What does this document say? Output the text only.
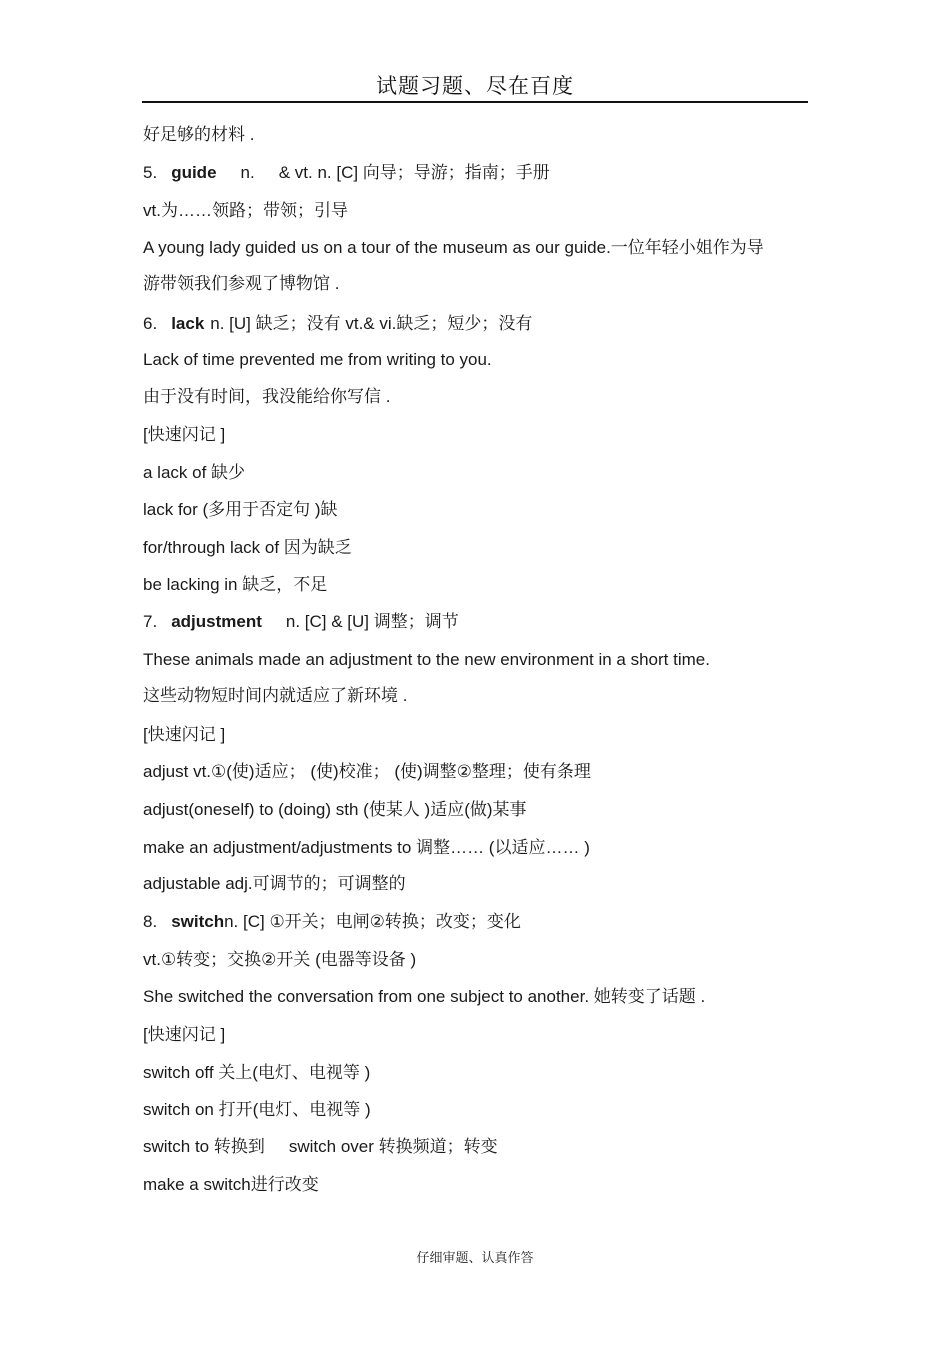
试题习题、尽在百度
好足够的材料 .
5. guide n. & vt. n. [C] 向导；导游；指南；手册
vt.为……领路；带领；引导
A young lady guided us on a tour of the museum as our guide.一位年轻小姐作为导
游带领我们参观了博物馆 .
6. lack n. [U] 缺乏；没有 vt.& vi.缺乏；短少；没有
Lack of time prevented me from writing to you.
由于没有时间，我没能给你写信 .
[快速闪记 ]
a lack of 缺少
lack for (多用于否定句 )缺
for/through lack of 因为缺乏
be lacking in 缺乏，不足
7. adjustment n. [C] & [U] 调整；调节
These animals made an adjustment to the new environment in a short time.
这些动物短时间内就适应了新环境 .
[快速闪记 ]
adjust vt.①(使)适应； (使)校准； (使)调整②整理；使有条理
adjust(oneself) to (doing) sth (使某人 )适应(做)某事
make an adjustment/adjustments to 调整…… (以适应…… )
adjustable adj.可调节的；可调整的
8. switchn. [C] ①开关；电闸②转换；改变；变化
vt.①转变；交换②开关 (电器等设备 )
She switched the conversation from one subject to another. 她转变了话题 .
[快速闪记 ]
switch off 关上(电灯、电视等 )
switch on 打开(电灯、电视等 )
switch to 转换到 switch over 转换频道；转变
make a switch进行改变
仔细审题、认真作答
